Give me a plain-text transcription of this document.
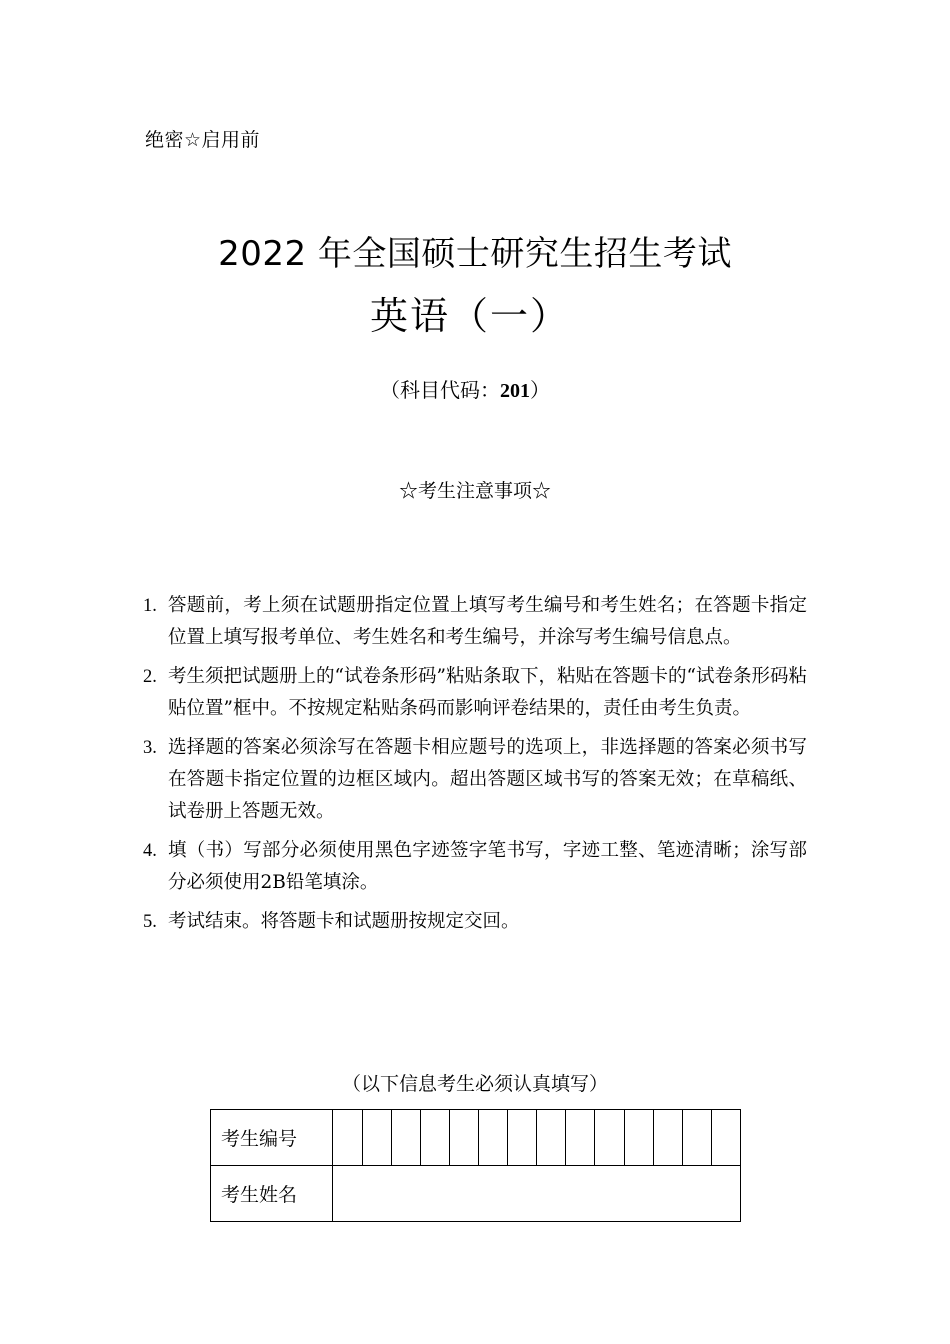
绝密☆启用前
2022 年全国硕士研究生招生考试
英语（一）
（科目代码：201）
☆考生注意事项☆
1. 答题前，考上须在试题册指定位置上填写考生编号和考生姓名；在答题卡指定位置上填写报考单位、考生姓名和考生编号，并涂写考生编号信息点。
2. 考生须把试题册上的“试卷条形码”粘贴条取下，粘贴在答题卡的“试卷条形码粘贴位置”框中。不按规定粘贴条码而影响评卷结果的，责任由考生负责。
3. 选择题的答案必须涂写在答题卡相应题号的选项上，非选择题的答案必须书写在答题卡指定位置的边框区域内。超出答题区域书写的答案无效；在草稿纸、试卷册上答题无效。
4. 填（书）写部分必须使用黑色字迹签字笔书写，字迹工整、笔迹清晰；涂写部分必须使用2B铅笔填涂。
5. 考试结束。将答题卡和试题册按规定交回。
（以下信息考生必须认真填写）
考生编号														
考生姓名														
